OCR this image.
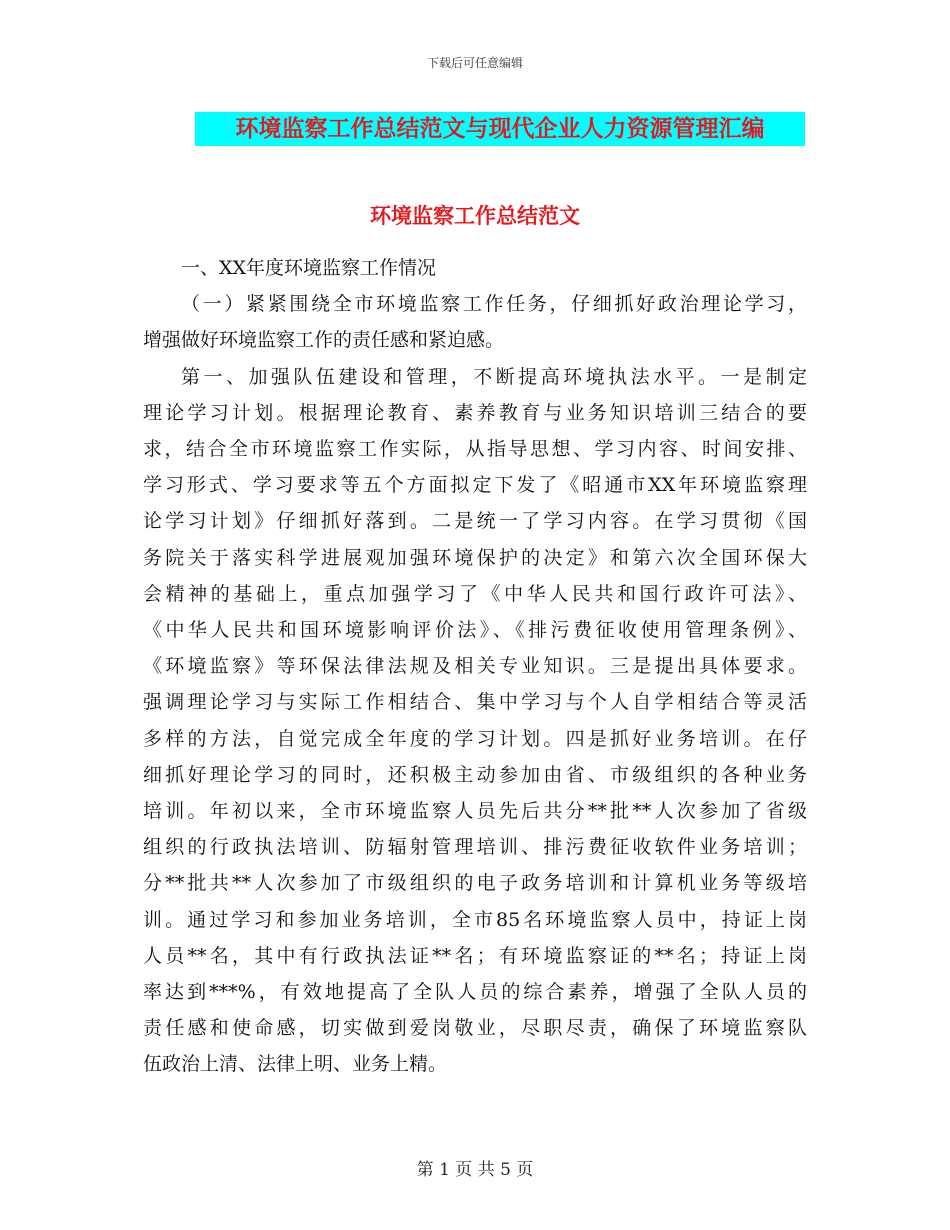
下载后可任意编辑
环境监察工作总结范文与现代企业人力资源管理汇编
环境监察工作总结范文

一、XX年度环境监察工作情况

（一）紧紧围绕全市环境监察工作任务，仔细抓好政治理论学习，
增强做好环境监察工作的责任感和紧迫感。

第一、加强队伍建设和管理，不断提高环境执法水平。一是制定
理论学习计划。根据理论教育、素养教育与业务知识培训三结合的要
求，结合全市环境监察工作实际，从指导思想、学习内容、时间安排、
学习形式、学习要求等五个方面拟定下发了《昭通市XX年环境监察理
论学习计划》仔细抓好落到。二是统一了学习内容。在学习贯彻《国
务院关于落实科学进展观加强环境保护的决定》和第六次全国环保大
会精神的基础上，重点加强学习了《中华人民共和国行政许可法》、
《中华人民共和国环境影响评价法》、《排污费征收使用管理条例》、
《环境监察》等环保法律法规及相关专业知识。三是提出具体要求。
强调理论学习与实际工作相结合、集中学习与个人自学相结合等灵活
多样的方法，自觉完成全年度的学习计划。四是抓好业务培训。在仔
细抓好理论学习的同时，还积极主动参加由省、市级组织的各种业务
培训。年初以来，全市环境监察人员先后共分**批**人次参加了省级
组织的行政执法培训、防辐射管理培训、排污费征收软件业务培训；
分**批共**人次参加了市级组织的电子政务培训和计算机业务等级培
训。通过学习和参加业务培训，全市85名环境监察人员中，持证上岗
人员**名，其中有行政执法证**名；有环境监察证的**名；持证上岗
率达到***%，有效地提高了全队人员的综合素养，增强了全队人员的
责任感和使命感，切实做到爱岗敬业，尽职尽责，确保了环境监察队
伍政治上清、法律上明、业务上精。

第 1 页 共 5 页
